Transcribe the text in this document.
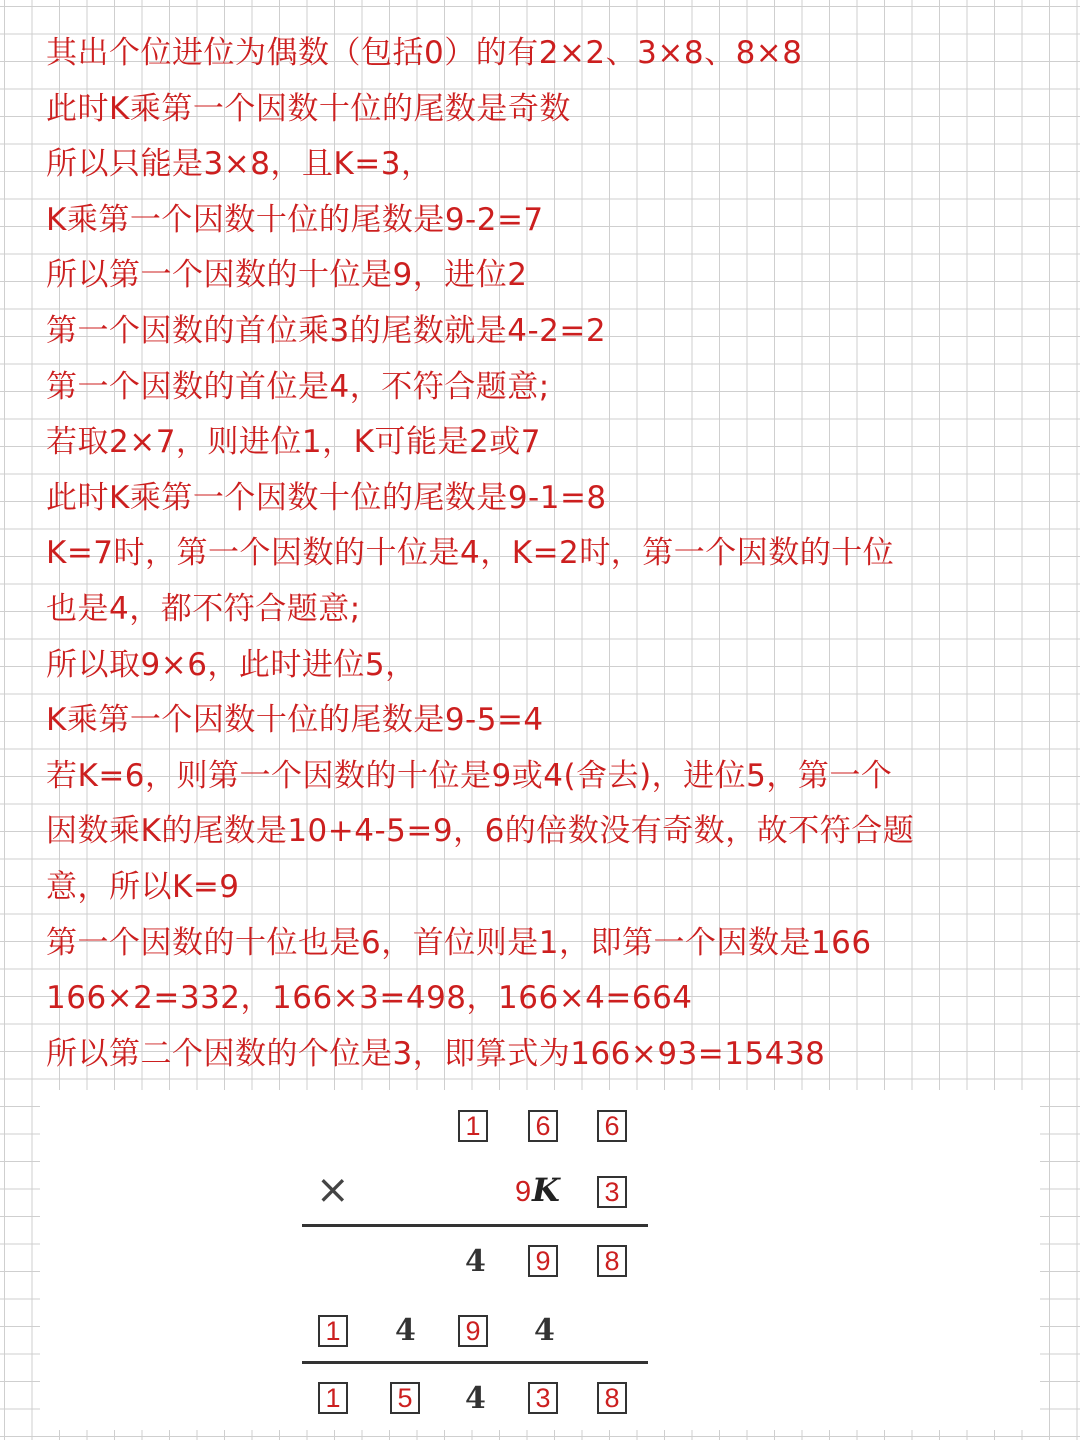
其出个位进位为偶数（包括0）的有2×2、3×8、8×8
此时K乘第一个因数十位的尾数是奇数
所以只能是3×8，且K=3，
K乘第一个因数十位的尾数是9-2=7
所以第一个因数的十位是9，进位2
第一个因数的首位乘3的尾数就是4-2=2
第一个因数的首位是4，不符合题意;
若取2×7，则进位1，K可能是2或7
此时K乘第一个因数十位的尾数是9-1=8
K=7时，第一个因数的十位是4，K=2时，第一个因数的十位
也是4，都不符合题意;
所以取9×6，此时进位5，
K乘第一个因数十位的尾数是9-5=4
若K=6，则第一个因数的十位是9或4(舍去)，进位5，第一个
因数乘K的尾数是10+4-5=9，6的倍数没有奇数，故不符合题
意，所以K=9
第一个因数的十位也是6，首位则是1，即第一个因数是166
166×2=332，166×3=498，166×4=664
所以第二个因数的个位是3，即算式为166×93=15438
1 6 6
×	9 K 3
4 9 8
1 4 9 4
1 5 4 3 8
